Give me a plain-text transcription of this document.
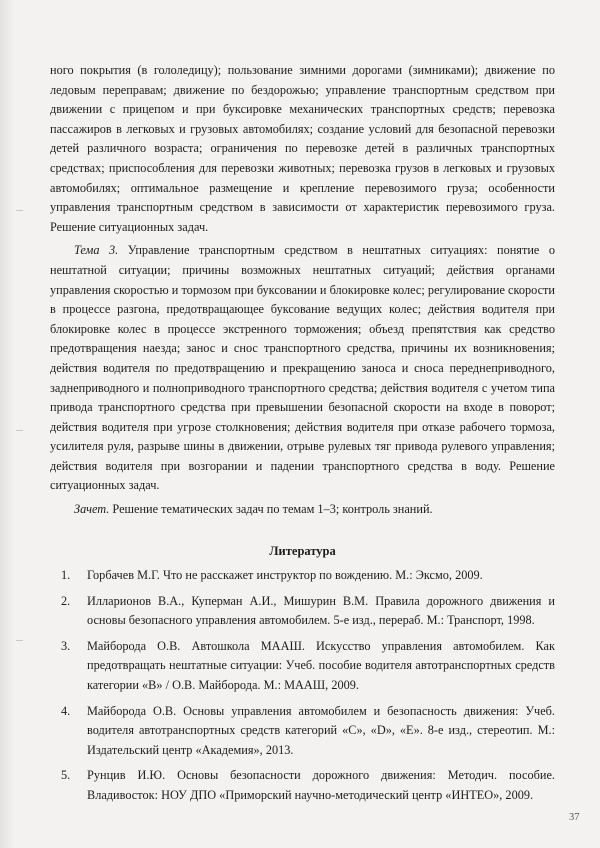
ного покрытия (в гололедицу); пользование зимними дорогами (зимниками); движение по ледовым переправам; движение по бездорожью; управление транспортным средством при движении с прицепом и при буксировке механических транспортных средств; перевозка пассажиров в легковых и грузовых автомобилях; создание условий для безопасной перевозки детей различного возраста; ограничения по перевозке детей в различных транспортных средствах; приспособления для перевозки животных; перевозка грузов в легковых и грузовых автомобилях; оптимальное размещение и крепление перевозимого груза; особенности управления транспортным средством в зависимости от характеристик перевозимого груза. Решение ситуационных задач.

Тема 3. Управление транспортным средством в нештатных ситуациях: понятие о нештатной ситуации; причины возможных нештатных ситуаций; действия органами управления скоростью и тормозом при буксовании и блокировке колес; регулирование скорости в процессе разгона, предотвращающее буксование ведущих колес; действия водителя при блокировке колес в процессе экстренного торможения; объезд препятствия как средство предотвращения наезда; занос и снос транспортного средства, причины их возникновения; действия водителя по предотвращению и прекращению заноса и сноса переднеприводного, заднеприводного и полноприводного транспортного средства; действия водителя с учетом типа привода транспортного средства при превышении безопасной скорости на входе в поворот; действия водителя при угрозе столкновения; действия водителя при отказе рабочего тормоза, усилителя руля, разрыве шины в движении, отрыве рулевых тяг привода рулевого управления; действия водителя при возгорании и падении транспортного средства в воду. Решение ситуационных задач.

Зачет. Решение тематических задач по темам 1–3; контроль знаний.

Литература
1. Горбачев М.Г. Что не расскажет инструктор по вождению. М.: Эксмо, 2009.
2. Илларионов В.А., Куперман А.И., Мишурин В.М. Правила дорожного движения и основы безопасного управления автомобилем. 5-е изд., перераб. М.: Транспорт, 1998.
3. Майборода О.В. Автошкола МААШ. Искусство управления автомобилем. Как предотвращать нештатные ситуации: Учеб. пособие водителя автотранспортных средств категории «В» / О.В. Майборода. М.: МААШ, 2009.
4. Майборода О.В. Основы управления автомобилем и безопасность движения: Учеб. водителя автотранспортных средств категорий «С», «D», «Е». 8-е изд., стереотип. М.: Издательский центр «Академия», 2013.
5. Рунцив И.Ю. Основы безопасности дорожного движения: Методич. пособие. Владивосток: НОУ ДПО «Приморский научно-методический центр «ИНТЕО», 2009.
37
